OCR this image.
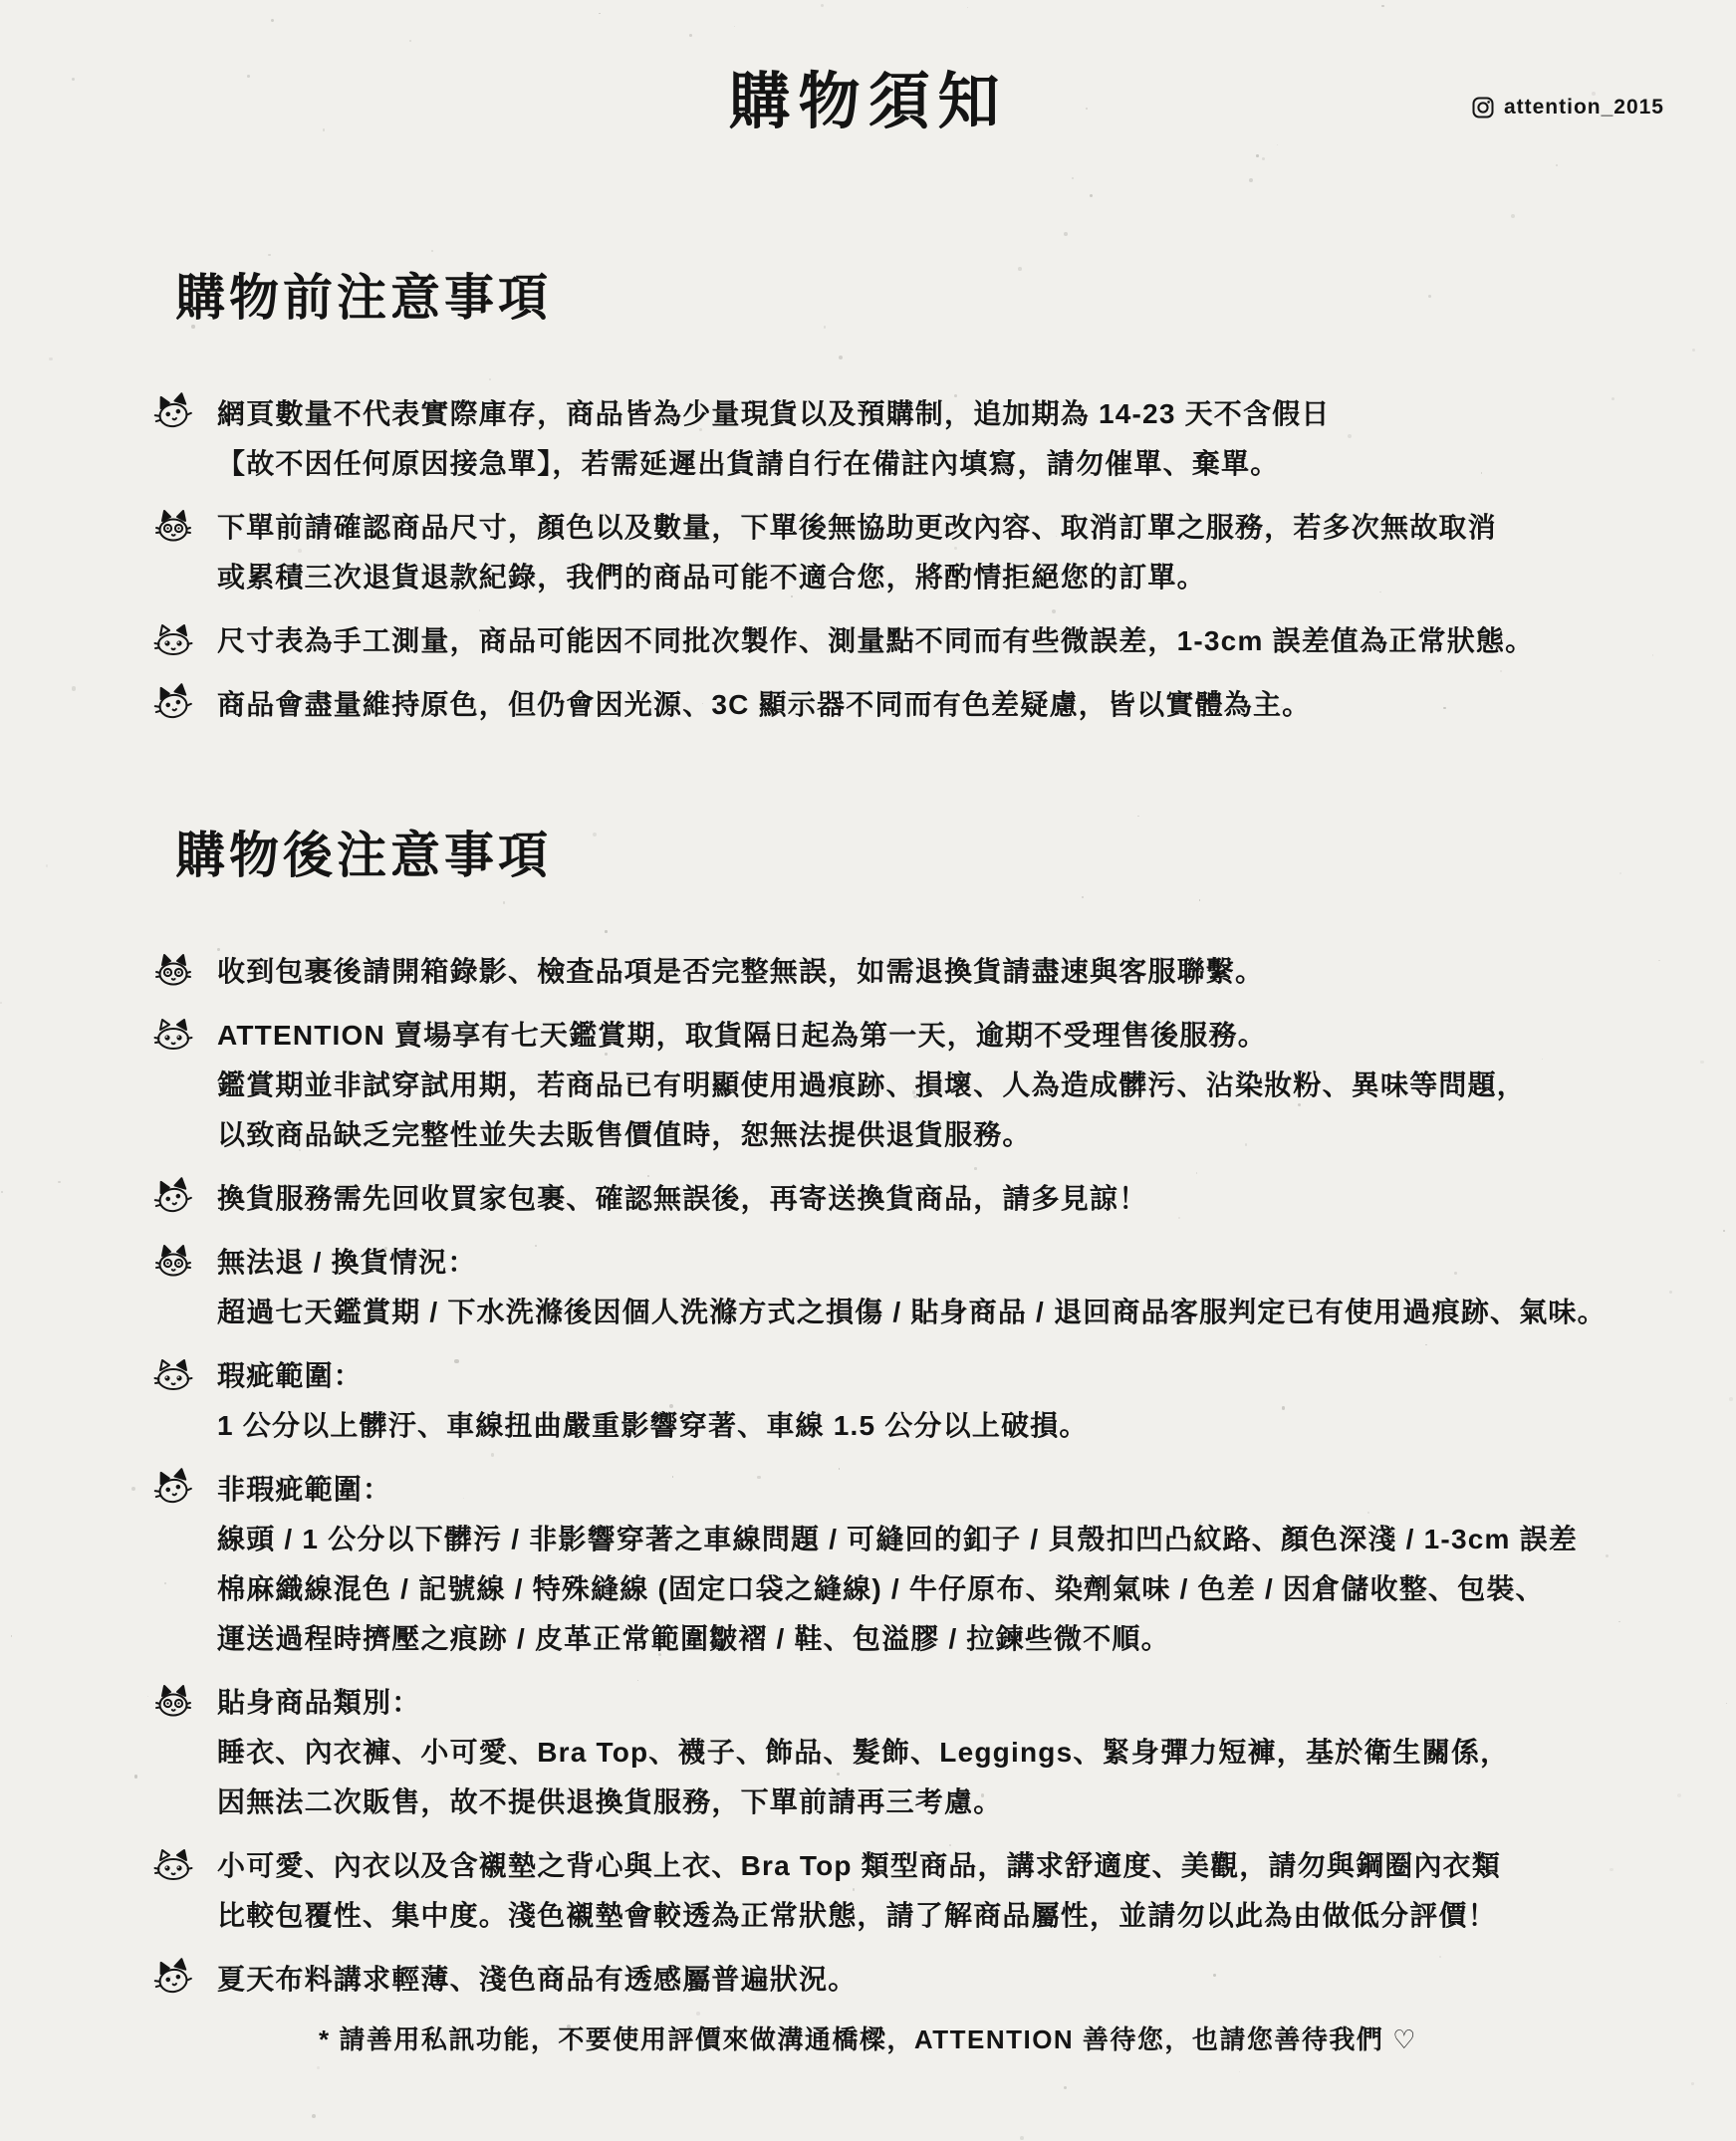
購物須知	attention_2015
購物前注意事項

網頁數量不代表實際庫存，商品皆為少量現貨以及預購制，追加期為 14-23 天不含假日
【故不因任何原因接急單】，若需延遲出貨請自行在備註內填寫，請勿催單、棄單。

下單前請確認商品尺寸，顏色以及數量，下單後無協助更改內容、取消訂單之服務，若多次無故取消
或累積三次退貨退款紀錄，我們的商品可能不適合您，將酌情拒絕您的訂單。

尺寸表為手工測量，商品可能因不同批次製作、測量點不同而有些微誤差，1-3cm 誤差值為正常狀態。

商品會盡量維持原色，但仍會因光源、3C 顯示器不同而有色差疑慮，皆以實體為主。

購物後注意事項

收到包裹後請開箱錄影、檢查品項是否完整無誤，如需退換貨請盡速與客服聯繫。

ATTENTION 賣場享有七天鑑賞期，取貨隔日起為第一天，逾期不受理售後服務。
鑑賞期並非試穿試用期，若商品已有明顯使用過痕跡、損壞、人為造成髒污、沾染妝粉、異味等問題，
以致商品缺乏完整性並失去販售價值時，恕無法提供退貨服務。

換貨服務需先回收買家包裹、確認無誤後，再寄送換貨商品，請多見諒！

無法退 / 換貨情況：
超過七天鑑賞期 / 下水洗滌後因個人洗滌方式之損傷 / 貼身商品 / 退回商品客服判定已有使用過痕跡、氣味。

瑕疵範圍：
1 公分以上髒汙、車線扭曲嚴重影響穿著、車線 1.5 公分以上破損。

非瑕疵範圍：
線頭 / 1 公分以下髒污 / 非影響穿著之車線問題 / 可縫回的釦子 / 貝殼扣凹凸紋路、顏色深淺 / 1-3cm 誤差
棉麻織線混色 / 記號線 / 特殊縫線 (固定口袋之縫線) / 牛仔原布、染劑氣味 / 色差 / 因倉儲收整、包裝、
運送過程時擠壓之痕跡 / 皮革正常範圍皺褶 / 鞋、包溢膠 / 拉鍊些微不順。

貼身商品類別：
睡衣、內衣褲、小可愛、Bra Top、襪子、飾品、髮飾、Leggings、緊身彈力短褲，基於衛生關係，
因無法二次販售，故不提供退換貨服務，下單前請再三考慮。

小可愛、內衣以及含襯墊之背心與上衣、Bra Top 類型商品，講求舒適度、美觀，請勿與鋼圈內衣類
比較包覆性、集中度。淺色襯墊會較透為正常狀態，請了解商品屬性，並請勿以此為由做低分評價！

夏天布料講求輕薄、淺色商品有透感屬普遍狀況。

* 請善用私訊功能，不要使用評價來做溝通橋樑，ATTENTION 善待您，也請您善待我們 ♡
